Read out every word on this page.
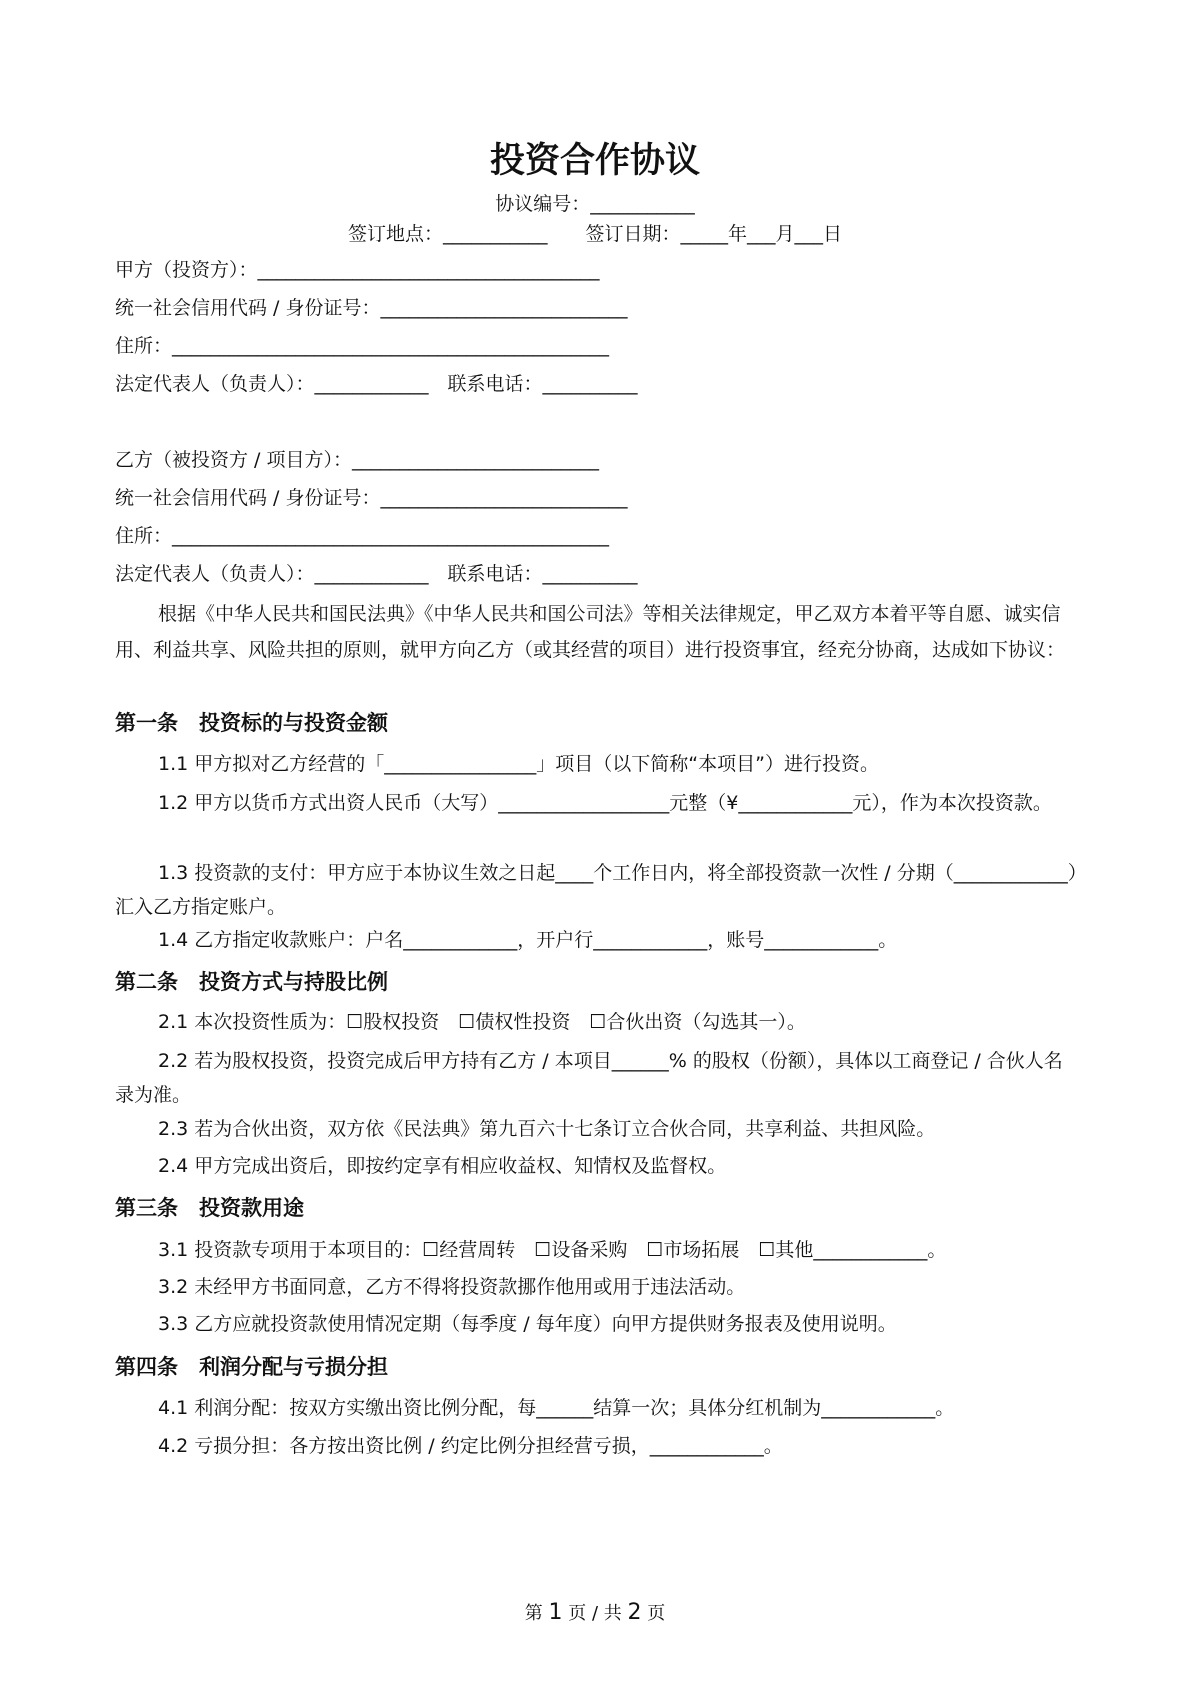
投资合作协议
协议编号：___________
签订地点：___________　　签订日期：_____年___月___日
甲方（投资方）：____________________________________
统一社会信用代码 / 身份证号：__________________________
住所：______________________________________________
法定代表人（负责人）：____________　联系电话：__________
乙方（被投资方 / 项目方）：__________________________
统一社会信用代码 / 身份证号：__________________________
住所：______________________________________________
法定代表人（负责人）：____________　联系电话：__________
根据《中华人民共和国民法典》《中华人民共和国公司法》等相关法律规定，甲乙双方本着平等自愿、诚实信用、利益共享、风险共担的原则，就甲方向乙方（或其经营的项目）进行投资事宜，经充分协商，达成如下协议：
第一条　投资标的与投资金额
1.1 甲方拟对乙方经营的「________________」项目（以下简称“本项目”）进行投资。
1.2 甲方以货币方式出资人民币（大写）__________________元整（¥____________元），作为本次投资款。
1.3 投资款的支付：甲方应于本协议生效之日起____个工作日内，将全部投资款一次性 / 分期（____________）汇入乙方指定账户。
1.4 乙方指定收款账户：户名____________，开户行____________，账号____________。
第二条　投资方式与持股比例
2.1 本次投资性质为：☐股权投资　☐债权性投资　☐合伙出资（勾选其一）。
2.2 若为股权投资，投资完成后甲方持有乙方 / 本项目______% 的股权（份额），具体以工商登记 / 合伙人名录为准。
2.3 若为合伙出资，双方依《民法典》第九百六十七条订立合伙合同，共享利益、共担风险。
2.4 甲方完成出资后，即按约定享有相应收益权、知情权及监督权。
第三条　投资款用途
3.1 投资款专项用于本项目的：☐经营周转　☐设备采购　☐市场拓展　☐其他____________。
3.2 未经甲方书面同意，乙方不得将投资款挪作他用或用于违法活动。
3.3 乙方应就投资款使用情况定期（每季度 / 每年度）向甲方提供财务报表及使用说明。
第四条　利润分配与亏损分担
4.1 利润分配：按双方实缴出资比例分配，每______结算一次；具体分红机制为____________。
4.2 亏损分担：各方按出资比例 / 约定比例分担经营亏损，____________。
第 1 页 / 共 2 页
